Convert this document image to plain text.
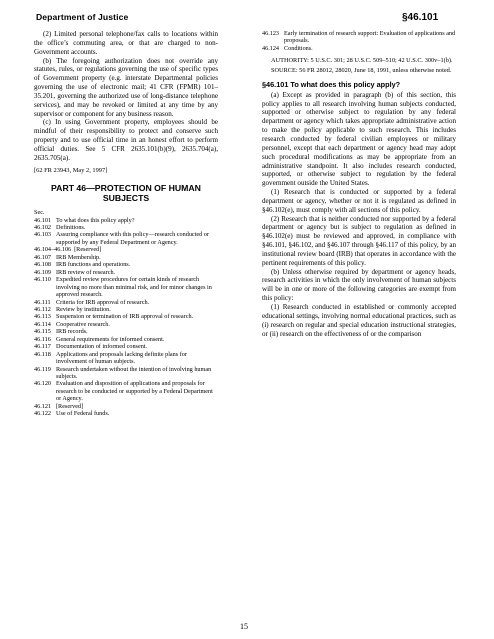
Department of Justice	§46.101

(2) Limited personal telephone/fax calls to locations within the office’s commuting area, or that are charged to non-Government accounts.

(b) The foregoing authorization does not override any statutes, rules, or regulations governing the use of specific types of Government property (e.g. interstate Departmental policies governing the use of electronic mail; 41 CFR (FPMR) 101–35.201, governing the authorized use of long-distance telephone services), and may be revoked or limited at any time by any supervisor or component for any business reason.

(c) In using Government property, employees should be mindful of their responsibility to protect and conserve such property and to use official time in an honest effort to perform official duties. See 5 CFR 2635.101(b)(9), 2635.704(a), 2635.705(a).

[62 FR 23943, May 2, 1997]

PART 46—PROTECTION OF HUMAN SUBJECTS

Sec.

46.101 To what does this policy apply?
46.102 Definitions.
46.103 Assuring compliance with this policy—research conducted or supported by any Federal Department or Agency.
46.104–46.106 [Reserved]
46.107 IRB Membership.
46.108 IRB functions and operations.
46.109 IRB review of research.
46.110 Expedited review procedures for certain kinds of research involving no more than minimal risk, and for minor changes in approved research.
46.111 Criteria for IRB approval of research.
46.112 Review by institution.
46.113 Suspension or termination of IRB approval of research.
46.114 Cooperative research.
46.115 IRB records.
46.116 General requirements for informed consent.
46.117 Documentation of informed consent.
46.118 Applications and proposals lacking definite plans for involvement of human subjects.
46.119 Research undertaken without the intention of involving human subjects.
46.120 Evaluation and disposition of applications and proposals for research to be conducted or supported by a Federal Department or Agency.
46.121 [Reserved]
46.122 Use of Federal funds.
46.123 Early termination of research support: Evaluation of applications and proposals.
46.124 Conditions.

AUTHORITY: 5 U.S.C. 301; 28 U.S.C. 509–510; 42 U.S.C. 300v–1(b).

SOURCE: 56 FR 28012, 28020, June 18, 1991, unless otherwise noted.

§46.101 To what does this policy apply?

(a) Except as provided in paragraph (b) of this section, this policy applies to all research involving human subjects conducted, supported or otherwise subject to regulation by any federal department or agency which takes appropriate administrative action to make the policy applicable to such research. This includes research conducted by federal civilian employees or military personnel, except that each department or agency head may adopt such procedural modifications as may be appropriate from an administrative standpoint. It also includes research conducted, supported, or otherwise subject to regulation by the federal government outside the United States.

(1) Research that is conducted or supported by a federal department or agency, whether or not it is regulated as defined in §46.102(e), must comply with all sections of this policy.

(2) Research that is neither conducted nor supported by a federal department or agency but is subject to regulation as defined in §46.102(e) must be reviewed and approved, in compliance with §46.101, §46.102, and §46.107 through §46.117 of this policy, by an institutional review board (IRB) that operates in accordance with the pertinent requirements of this policy.

(b) Unless otherwise required by department or agency heads, research activities in which the only involvement of human subjects will be in one or more of the following categories are exempt from this policy:

(1) Research conducted in established or commonly accepted educational settings, involving normal educational practices, such as (i) research on regular and special education instructional strategies, or (ii) research on the effectiveness of or the comparison

15
